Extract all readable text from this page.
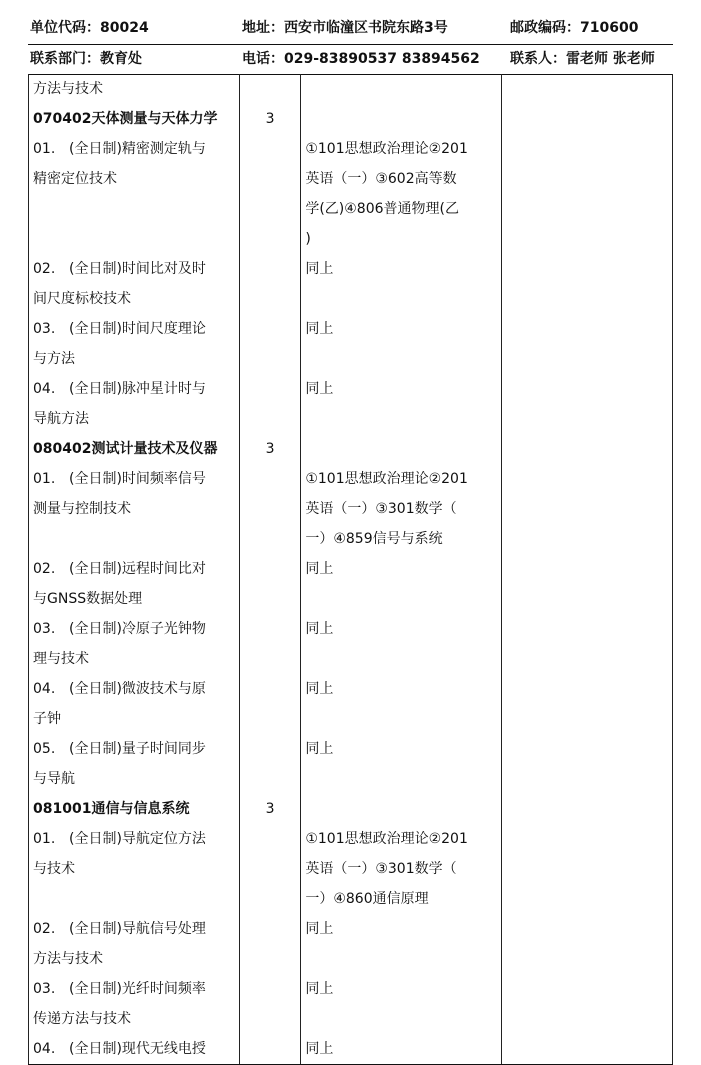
单位代码：80024	地址：西安市临潼区书院东路3号	邮政编码：710600
联系部门：教育处	电话：029-83890537 83894562 联系人：雷老师 张老师
方法与技术			
070402天体测量与天体力学	3		
01. (全日制)精密测定轨与		①101思想政治理论②201	
精密定位技术		英语（一）③602高等数	
		学(乙)④806普通物理(乙	
		)	
02. (全日制)时间比对及时		同上	
间尺度标校技术			
03. (全日制)时间尺度理论		同上	
与方法			
04. (全日制)脉冲星计时与		同上	
导航方法			
080402测试计量技术及仪器	3		
01. (全日制)时间频率信号		①101思想政治理论②201	
测量与控制技术		英语（一）③301数学（	
		一）④859信号与系统	
02. (全日制)远程时间比对		同上	
与GNSS数据处理			
03. (全日制)冷原子光钟物		同上	
理与技术			
04. (全日制)微波技术与原		同上	
子钟			
05. (全日制)量子时间同步		同上	
与导航			
081001通信与信息系统	3		
01. (全日制)导航定位方法		①101思想政治理论②201	
与技术		英语（一）③301数学（	
		一）④860通信原理	
02. (全日制)导航信号处理		同上	
方法与技术			
03. (全日制)光纤时间频率		同上	
传递方法与技术			
04. (全日制)现代无线电授		同上	
